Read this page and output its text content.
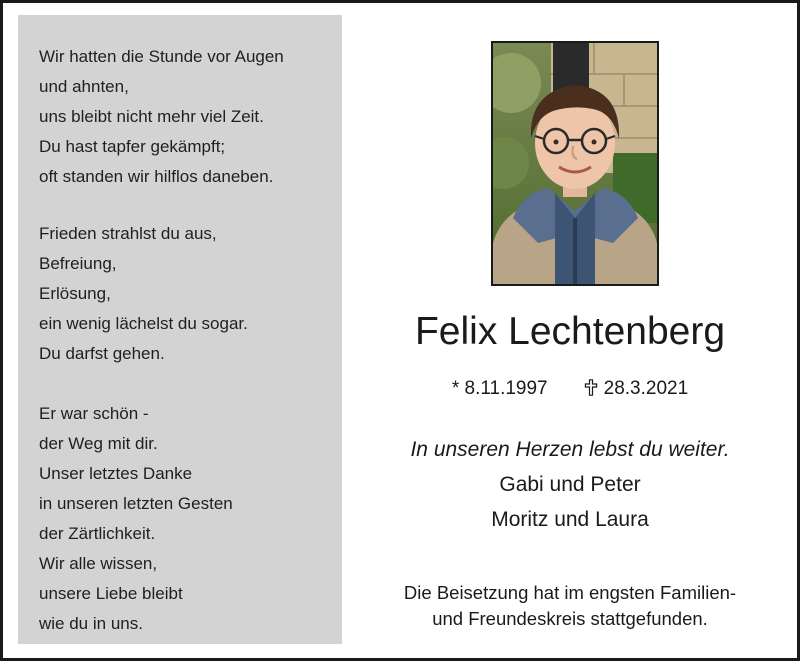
Wir hatten die Stunde vor Augen
und ahnten,
uns bleibt nicht mehr viel Zeit.
Du hast tapfer gekämpft;
oft standen wir hilflos daneben.

Frieden strahlst du aus,
Befreiung,
Erlösung,
ein wenig lächelst du sogar.
Du darfst gehen.

Er war schön -
der Weg mit dir.
Unser letztes Danke
in unseren letzten Gesten
der Zärtlichkeit.
Wir alle wissen,
unsere Liebe bleibt
wie du in uns.

Felix Lechtenberg
* 8.11.1997	28.3.2021
In unseren Herzen lebst du weiter.
Gabi und Peter
Moritz und Laura
Die Beisetzung hat im engsten Familien-
und Freundeskreis stattgefunden.
